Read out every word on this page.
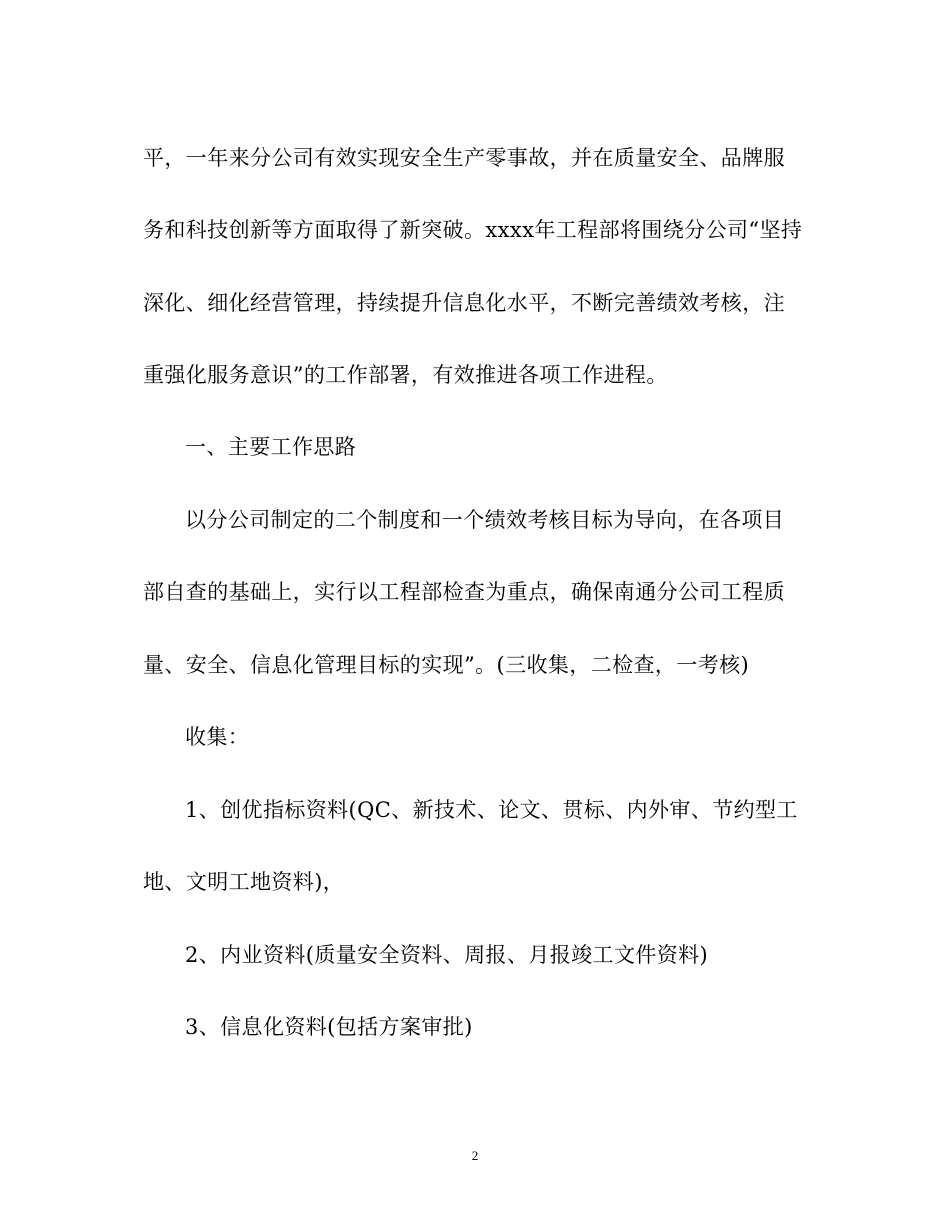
平，一年来分公司有效实现安全生产零事故，并在质量安全、品牌服
务和科技创新等方面取得了新突破。xxxx年工程部将围绕分公司“坚持
深化、细化经营管理，持续提升信息化水平，不断完善绩效考核，注
重强化服务意识”的工作部署，有效推进各项工作进程。
一、主要工作思路
以分公司制定的二个制度和一个绩效考核目标为导向，在各项目
部自查的基础上，实行以工程部检查为重点，确保南通分公司工程质
量、安全、信息化管理目标的实现”。(三收集，二检查，一考核)
收集：
1、创优指标资料(QC、新技术、论文、贯标、内外审、节约型工
地、文明工地资料)，
2、内业资料(质量安全资料、周报、月报竣工文件资料)
3、信息化资料(包括方案审批)
2
